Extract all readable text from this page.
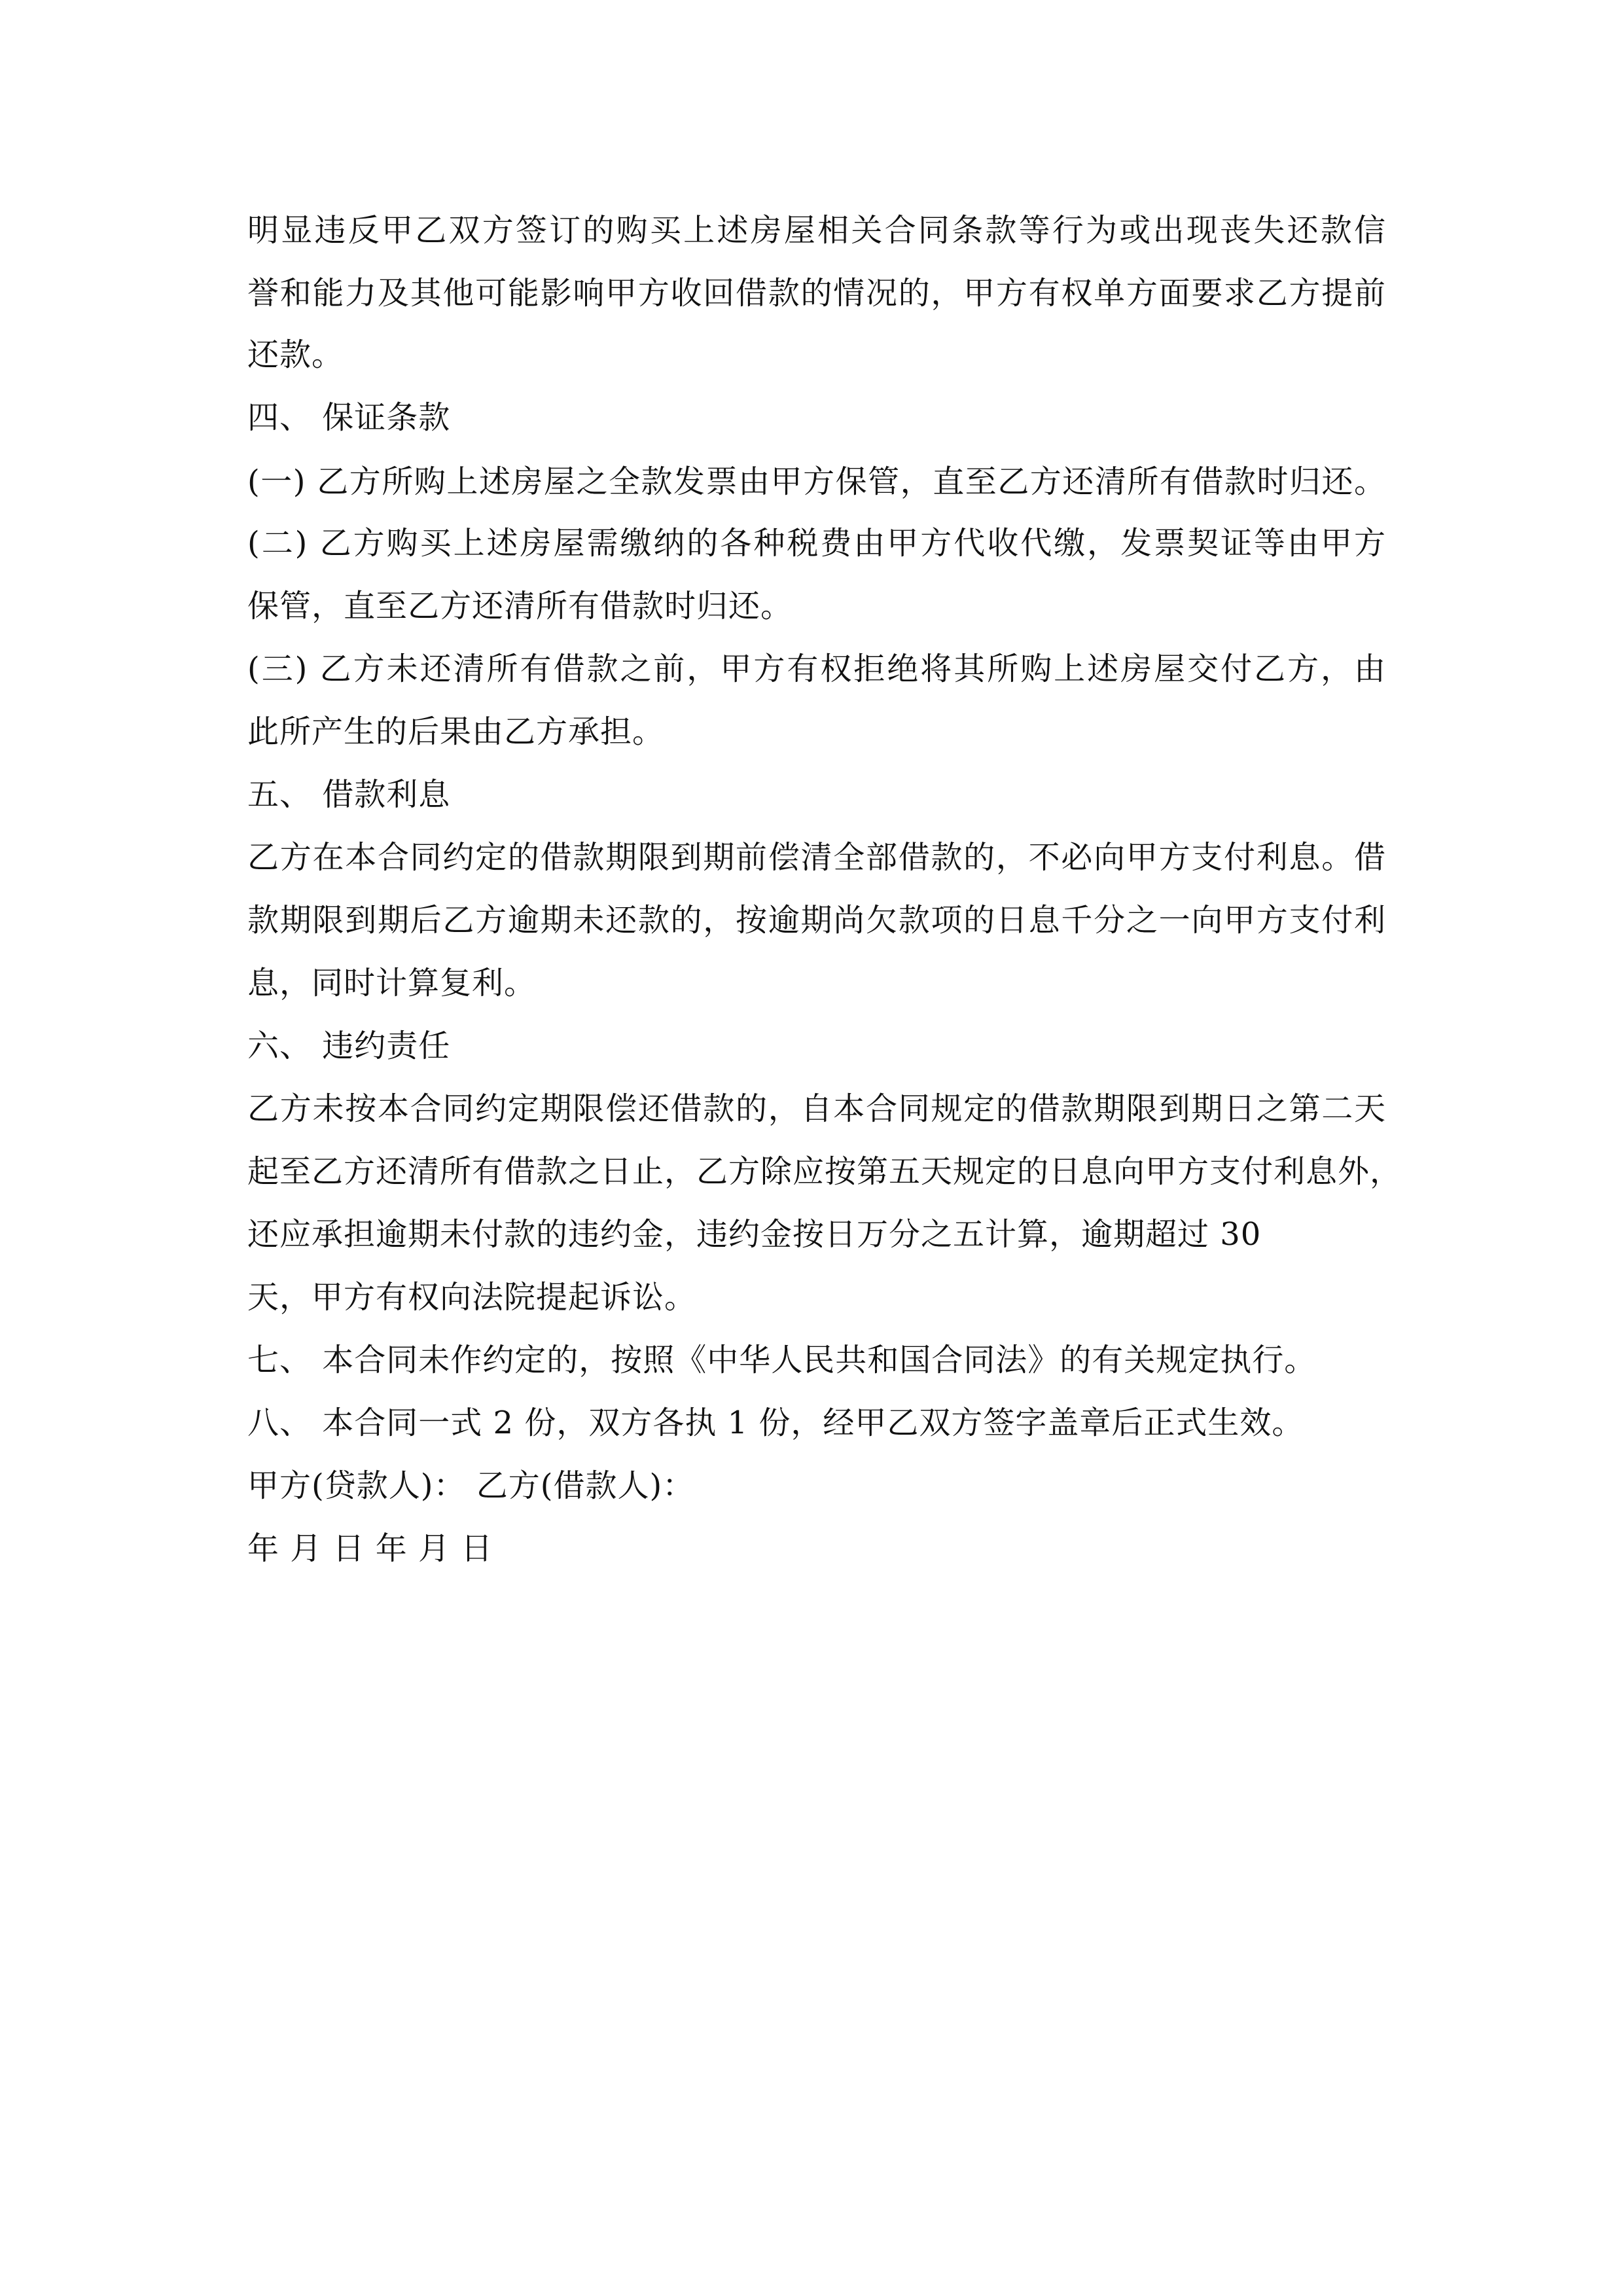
明显违反甲乙双方签订的购买上述房屋相关合同条款等行为或出现丧失还款信
誉和能力及其他可能影响甲方收回借款的情况的，甲方有权单方面要求乙方提前
还款。
四、 保证条款
(一) 乙方所购上述房屋之全款发票由甲方保管，直至乙方还清所有借款时归还。
(二) 乙方购买上述房屋需缴纳的各种税费由甲方代收代缴，发票契证等由甲方
保管，直至乙方还清所有借款时归还。
(三) 乙方未还清所有借款之前，甲方有权拒绝将其所购上述房屋交付乙方，由
此所产生的后果由乙方承担。
五、 借款利息
乙方在本合同约定的借款期限到期前偿清全部借款的，不必向甲方支付利息。借
款期限到期后乙方逾期未还款的，按逾期尚欠款项的日息千分之一向甲方支付利
息，同时计算复利。
六、 违约责任
乙方未按本合同约定期限偿还借款的，自本合同规定的借款期限到期日之第二天
起至乙方还清所有借款之日止，乙方除应按第五天规定的日息向甲方支付利息外，
还应承担逾期未付款的违约金，违约金按日万分之五计算，逾期超过 30
天，甲方有权向法院提起诉讼。
七、 本合同未作约定的，按照《中华人民共和国合同法》的有关规定执行。
八、 本合同一式 2 份，双方各执 1 份，经甲乙双方签字盖章后正式生效。
甲方(贷款人)： 乙方(借款人)：
年 月 日 年 月 日
